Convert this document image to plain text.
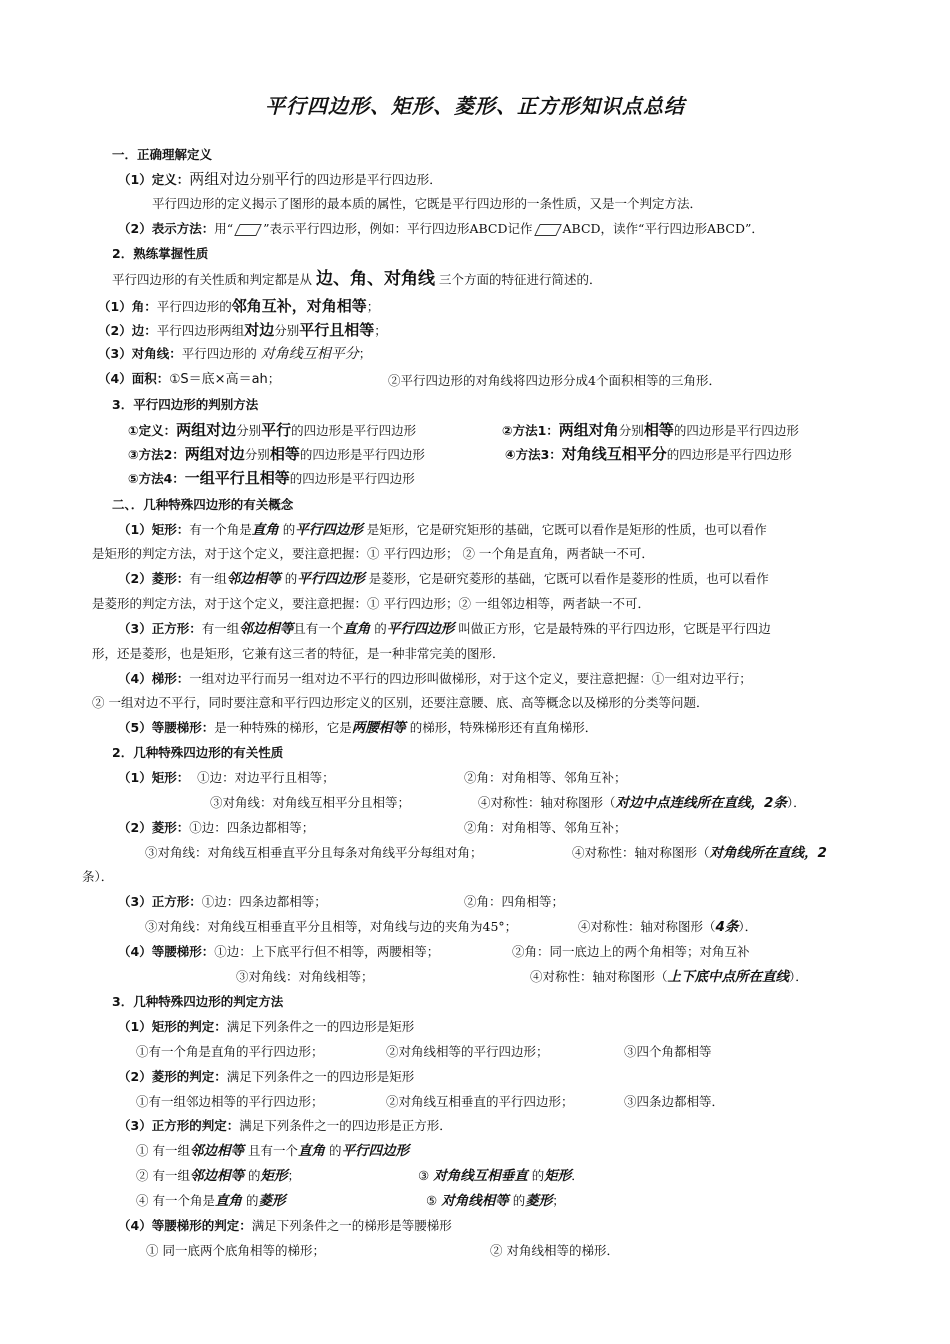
平行四边形、矩形、菱形、正方形知识点总结
一．正确理解定义
（1）定义：两组对边分别平行的四边形是平行四边形．
平行四边形的定义揭示了图形的最本质的属性，它既是平行四边形的一条性质，又是一个判定方法．
（2）表示方法：用“ ”表示平行四边形，例如：平行四边形ABCD记作 ABCD，读作“平行四边形ABCD”．
2．熟练掌握性质
平行四边形的有关性质和判定都是从 边、角、对角线 三个方面的特征进行简述的．
（1）角：平行四边形的邻角互补，对角相等；
（2）边：平行四边形两组对边分别平行且相等；
（3）对角线：平行四边形的 对角线互相平分；
（4）面积：①S＝底×高＝ah；	②平行四边形的对角线将四边形分成4个面积相等的三角形．
3．平行四边形的判别方法
①定义：两组对边分别平行的四边形是平行四边形	②方法1：两组对角分别相等的四边形是平行四边形
③方法2：两组对边分别相等的四边形是平行四边形	④方法3：对角线互相平分的四边形是平行四边形
⑤方法4：一组平行且相等的四边形是平行四边形
二、．几种特殊四边形的有关概念
（1）矩形：有一个角是直角 的平行四边形 是矩形，它是研究矩形的基础，它既可以看作是矩形的性质，也可以看作
是矩形的判定方法，对于这个定义，要注意把握：① 平行四边形； ② 一个角是直角，两者缺一不可．
（2）菱形：有一组邻边相等 的平行四边形 是菱形，它是研究菱形的基础，它既可以看作是菱形的性质，也可以看作
是菱形的判定方法，对于这个定义，要注意把握：① 平行四边形；② 一组邻边相等，两者缺一不可．
（3）正方形：有一组邻边相等且有一个直角 的平行四边形 叫做正方形，它是最特殊的平行四边形，它既是平行四边
形，还是菱形，也是矩形，它兼有这三者的特征，是一种非常完美的图形．
（4）梯形：一组对边平行而另一组对边不平行的四边形叫做梯形，对于这个定义，要注意把握：①一组对边平行；
② 一组对边不平行，同时要注意和平行四边形定义的区别，还要注意腰、底、高等概念以及梯形的分类等问题．
（5）等腰梯形：是一种特殊的梯形，它是两腰相等 的梯形，特殊梯形还有直角梯形．
2．几种特殊四边形的有关性质
（1）矩形： ①边：对边平行且相等；	②角：对角相等、邻角互补；
③对角线：对角线互相平分且相等；	④对称性：轴对称图形（对边中点连线所在直线，2条）．
（2）菱形：①边：四条边都相等；	②角：对角相等、邻角互补；
③对角线：对角线互相垂直平分且每条对角线平分每组对角；	④对称性：轴对称图形（对角线所在直线，2
条）．
（3）正方形：①边：四条边都相等；	②角：四角相等；
③对角线：对角线互相垂直平分且相等，对角线与边的夹角为45°；	④对称性：轴对称图形（4条）．
（4）等腰梯形：①边：上下底平行但不相等，两腰相等；	②角：同一底边上的两个角相等；对角互补
③对角线：对角线相等；	④对称性：轴对称图形（上下底中点所在直线）．
3．几种特殊四边形的判定方法
（1）矩形的判定：满足下列条件之一的四边形是矩形
①有一个角是直角的平行四边形；	②对角线相等的平行四边形；	③四个角都相等
（2）菱形的判定：满足下列条件之一的四边形是矩形
①有一组邻边相等的平行四边形；	②对角线互相垂直的平行四边形；	③四条边都相等．
（3）正方形的判定：满足下列条件之一的四边形是正方形．
① 有一组邻边相等 且有一个直角 的平行四边形
② 有一组邻边相等 的矩形；	③ 对角线互相垂直 的矩形．
④ 有一个角是直角 的菱形	⑤ 对角线相等 的菱形；
（4）等腰梯形的判定：满足下列条件之一的梯形是等腰梯形
① 同一底两个底角相等的梯形；	② 对角线相等的梯形．
